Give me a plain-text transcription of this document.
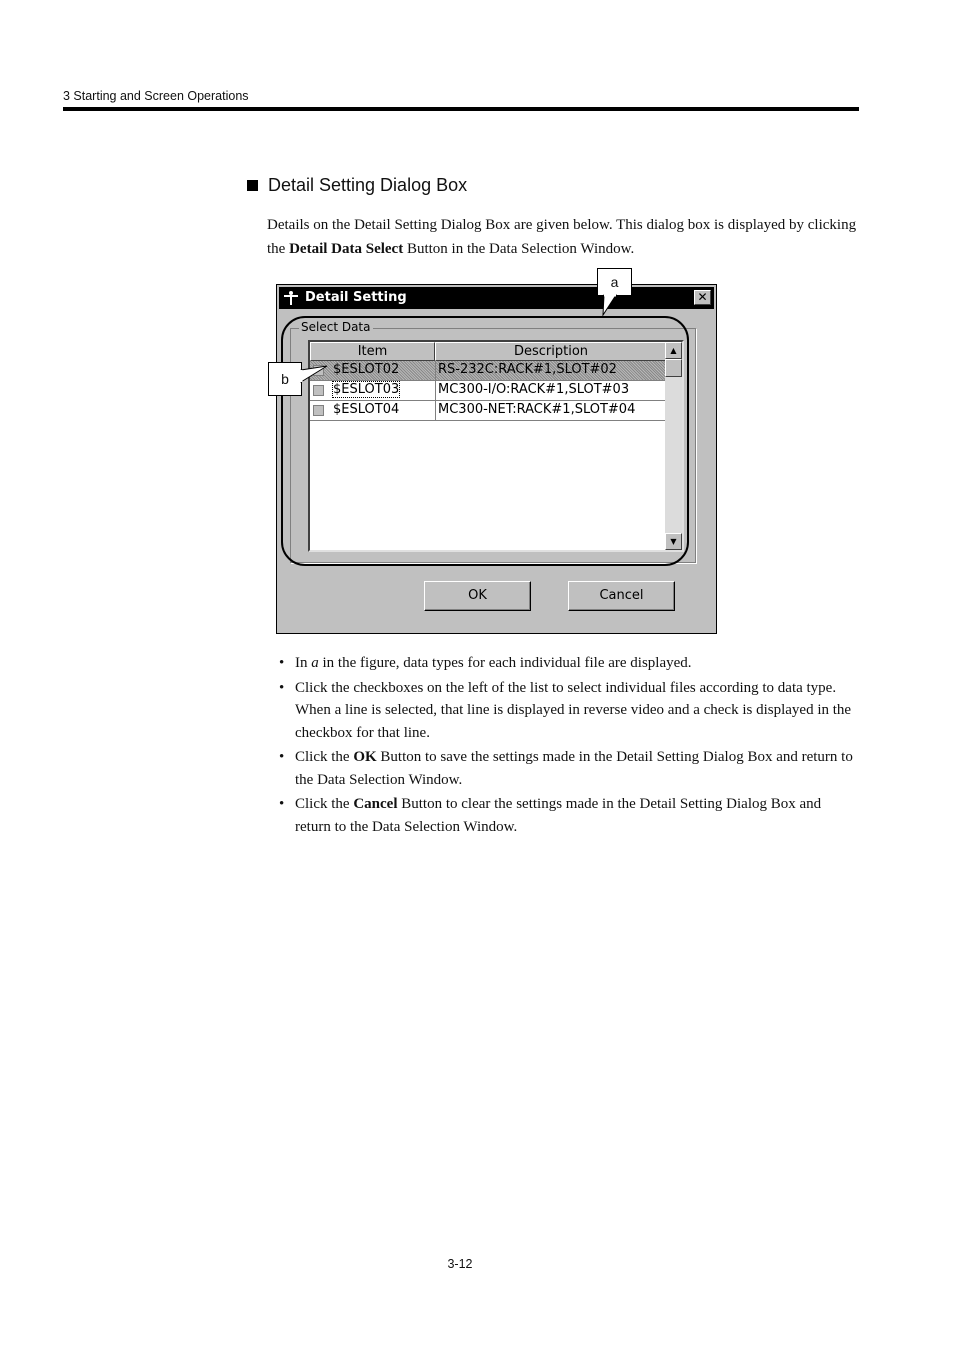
3 Starting and Screen Operations
Detail Setting Dialog Box
Details on the Detail Setting Dialog Box are given below. This dialog box is displayed by clicking the Detail Data Select Button in the Data Selection Window.
Detail Setting	✕
Select Data
Item	Description
$ESLOT02	RS-232C:RACK#1,SLOT#02
$ESLOT03	MC300-I/O:RACK#1,SLOT#03
$ESLOT04	MC300-NET:RACK#1,SLOT#04
▲
▼
OK	Cancel
a
b
• In a in the figure, data types for each individual file are displayed.
• Click the checkboxes on the left of the list to select individual files according to data type. When a line is selected, that line is displayed in reverse video and a check is displayed in the checkbox for that line.
• Click the OK Button to save the settings made in the Detail Setting Dialog Box and return to the Data Selection Window.
• Click the Cancel Button to clear the settings made in the Detail Setting Dialog Box and return to the Data Selection Window.
3-12
